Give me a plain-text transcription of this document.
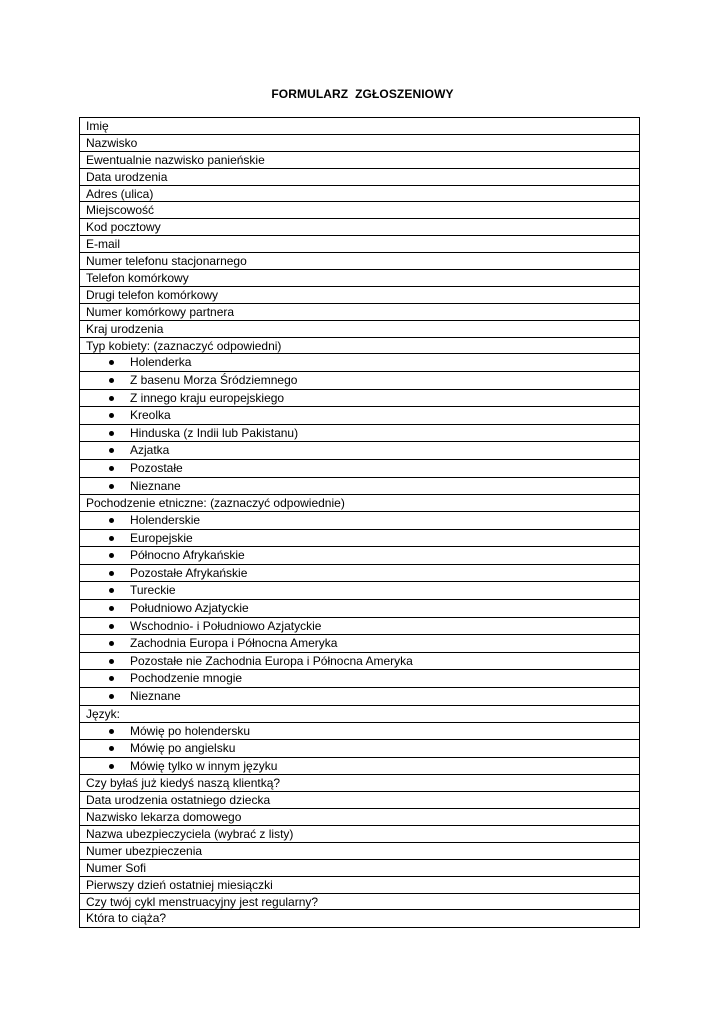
FORMULARZ  ZGŁOSZENIOWY
Imię
Nazwisko
Ewentualnie nazwisko panieńskie
Data urodzenia
Adres (ulica)
Miejscowość
Kod pocztowy
E-mail
Numer telefonu stacjonarnego
Telefon komórkowy
Drugi telefon komórkowy
Numer komórkowy partnera
Kraj urodzenia
Typ kobiety: (zaznaczyć odpowiedni)
Holenderka
Z basenu Morza Śródziemnego
Z innego kraju europejskiego
Kreolka
Hinduska (z Indii lub Pakistanu)
Azjatka
Pozostałe
Nieznane
Pochodzenie etniczne: (zaznaczyć odpowiednie)
Holenderskie
Europejskie
Północno Afrykańskie
Pozostałe Afrykańskie
Tureckie
Południowo Azjatyckie
Wschodnio- i Południowo Azjatyckie
Zachodnia Europa i Północna Ameryka
Pozostałe nie Zachodnia Europa i Północna Ameryka
Pochodzenie mnogie
Nieznane
Język:
Mówię po holendersku
Mówię po angielsku
Mówię tylko w innym języku
Czy byłaś już kiedyś naszą klientką?
Data urodzenia ostatniego dziecka
Nazwisko lekarza domowego
Nazwa ubezpieczyciela (wybrać z listy)
Numer ubezpieczenia
Numer Sofi
Pierwszy dzień ostatniej miesiączki
Czy twój cykl menstruacyjny jest regularny?
Która to ciąża?
